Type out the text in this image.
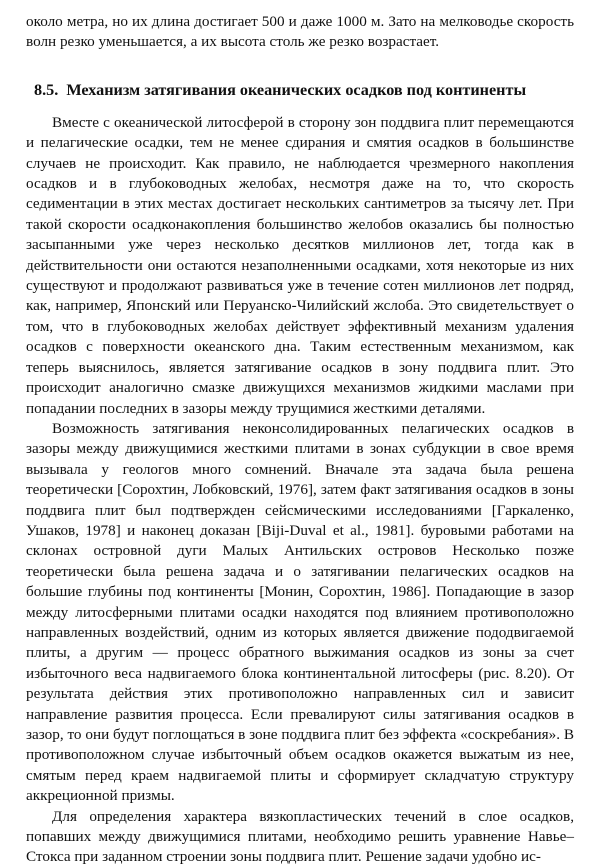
около метра, но их длина достигает 500 и даже 1000 м. Зато на мелководье скорость волн резко уменьшается, а их высота столь же резко возрастает.

8.5. Механизм затягивания океанических осадков под континенты

Вместе с океанической литосферой в сторону зон поддвига плит перемещаются и пелагические осадки, тем не менее сдирания и смятия осадков в большинстве случаев не происходит. Как правило, не наблюдается чрезмерного накопления осадков и в глубоководных желобах, несмотря даже на то, что скорость седиментации в этих местах достигает нескольких сантиметров за тысячу лет. При такой скорости осадконакопления большинство желобов оказались бы полностью засыпанными уже через несколько десятков миллионов лет, тогда как в действительности они остаются незаполненными осадками, хотя некоторые из них существуют и продолжают развиваться уже в течение сотен миллионов лет подряд, как, например, Японский или Перуанско-Чилийский жслоба. Это свидетельствует о том, что в глубоководных желобах действует эффективный механизм удаления осадков с поверхности океанского дна. Таким естественным механизмом, как теперь выяснилось, является затягивание осадков в зону поддвига плит. Это происходит аналогично смазке движущихся механизмов жидкими маслами при попадании последних в зазоры между трущимися жесткими деталями.

Возможность затягивания неконсолидированных пелагических осадков в зазоры между движущимися жесткими плитами в зонах субдукции в свое время вызывала у геологов много сомнений. Вначале эта задача была решена теоретически [Сорохтин, Лобковский, 1976], затем факт затягивания осадков в зоны поддвига плит был подтвержден сейсмическими исследованиями [Гаркаленко, Ушаков, 1978] и наконец доказан [Biji-Duval et al., 1981]. буровыми работами на склонах островной дуги Малых Антильских островов Несколько позже теоретически была решена задача и о затягивании пелагических осадков на большие глубины под континенты [Монин, Сорохтин, 1986]. Попадающие в зазор между литосферными плитами осадки находятся под влиянием противоположно направленных воздействий, одним из которых является движение пододвигаемой плиты, а другим — процесс обратного выжимания осадков из зоны за счет избыточного веса надвигаемого блока континентальной литосферы (рис. 8.20). От результата действия этих противоположно направленных сил и зависит направление развития процесса. Если превалируют силы затягивания осадков в зазор, то они будут поглощаться в зоне поддвига плит без эффекта «соскребания». В противоположном случае избыточный объем осадков окажется выжатым из нее, смятым перед краем надвигаемой плиты и сформирует складчатую структуру аккреционной призмы.

Для определения характера вязкопластических течений в слое осадков, попавших между движущимися плитами, необходимо решить уравнение Навье–Стокса при заданном строении зоны поддвига плит. Решение задачи удобно ис-
